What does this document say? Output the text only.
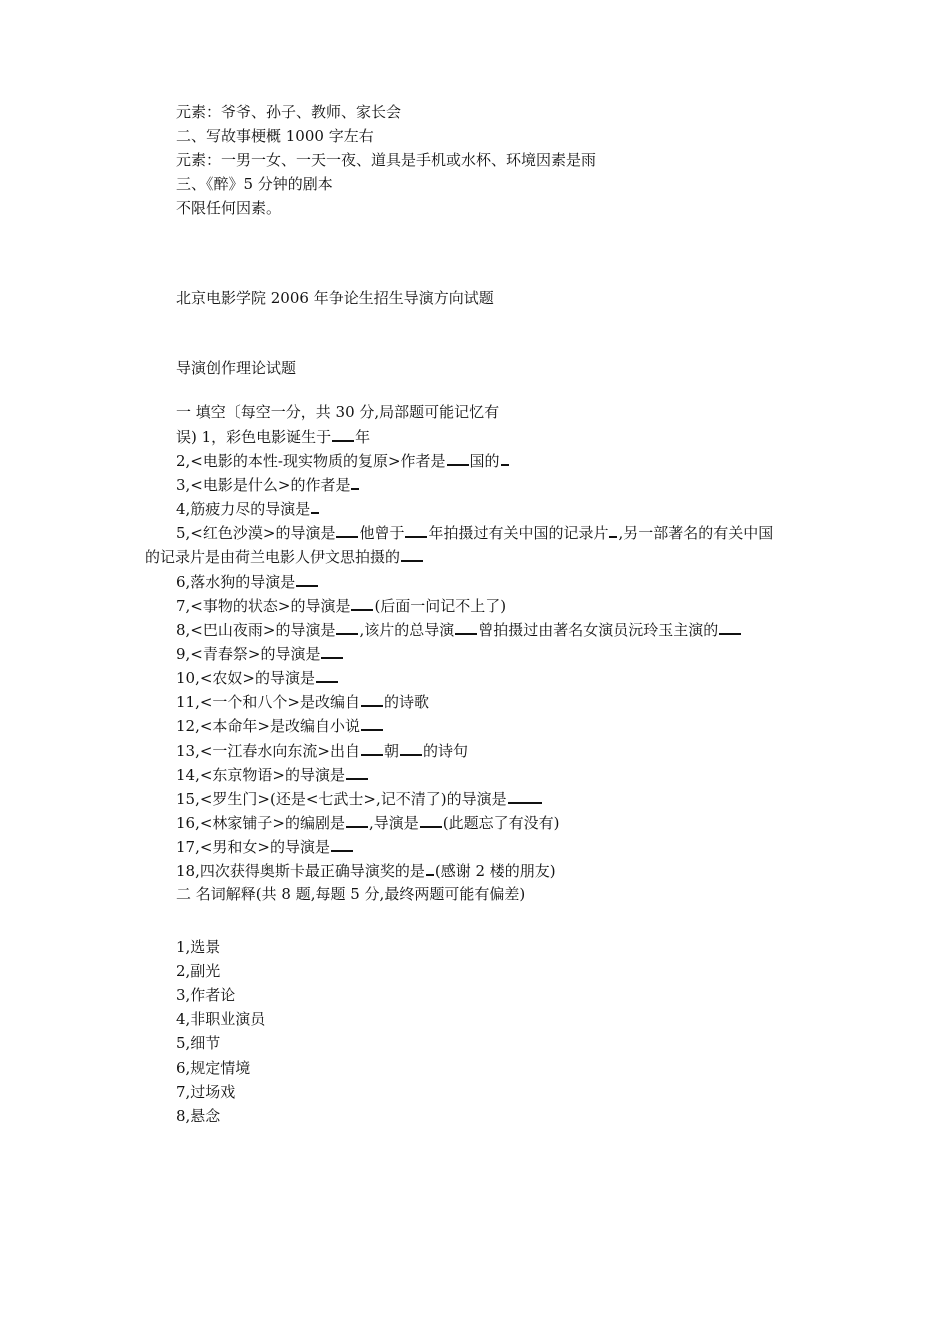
元素：爷爷、孙子、教师、家长会
二、写故事梗概 1000 字左右
元素：一男一女、一天一夜、道具是手机或水杯、环境因素是雨
三、《醉》5 分钟的剧本
不限任何因素。
北京电影学院 2006 年争论生招生导演方向试题
导演创作理论试题
一 填空〔每空一分，共 30 分,局部题可能记忆有
误) 1，彩色电影诞生于 年
2,<电影的本性-现实物质的复原>作者是 国的
3,<电影是什么>的作者是
4,筋疲力尽的导演是
5,<红色沙漠>的导演是 他曾于 年拍摄过有关中国的记录片 ,另一部著名的有关中国
的记录片是由荷兰电影人伊文思拍摄的
6,落水狗的导演是
7,<事物的状态>的导演是 (后面一问记不上了)
8,<巴山夜雨>的导演是 ,该片的总导演 曾拍摄过由著名女演员沅玲玉主演的
9,<青春祭>的导演是
10,<农奴>的导演是
11,<一个和八个>是改编自 的诗歌
12,<本命年>是改编自小说
13,<一江春水向东流>出自 朝 的诗句
14,<东京物语>的导演是
15,<罗生门>(还是<七武士>,记不清了)的导演是
16,<林家铺子>的编剧是 ,导演是 (此题忘了有没有)
17,<男和女>的导演是
18,四次获得奥斯卡最正确导演奖的是 (感谢 2 楼的朋友)
二 名词解释(共 8 题,每题 5 分,最终两题可能有偏差)
1,选景
2,副光
3,作者论
4,非职业演员
5,细节
6,规定情境
7,过场戏
8,悬念
